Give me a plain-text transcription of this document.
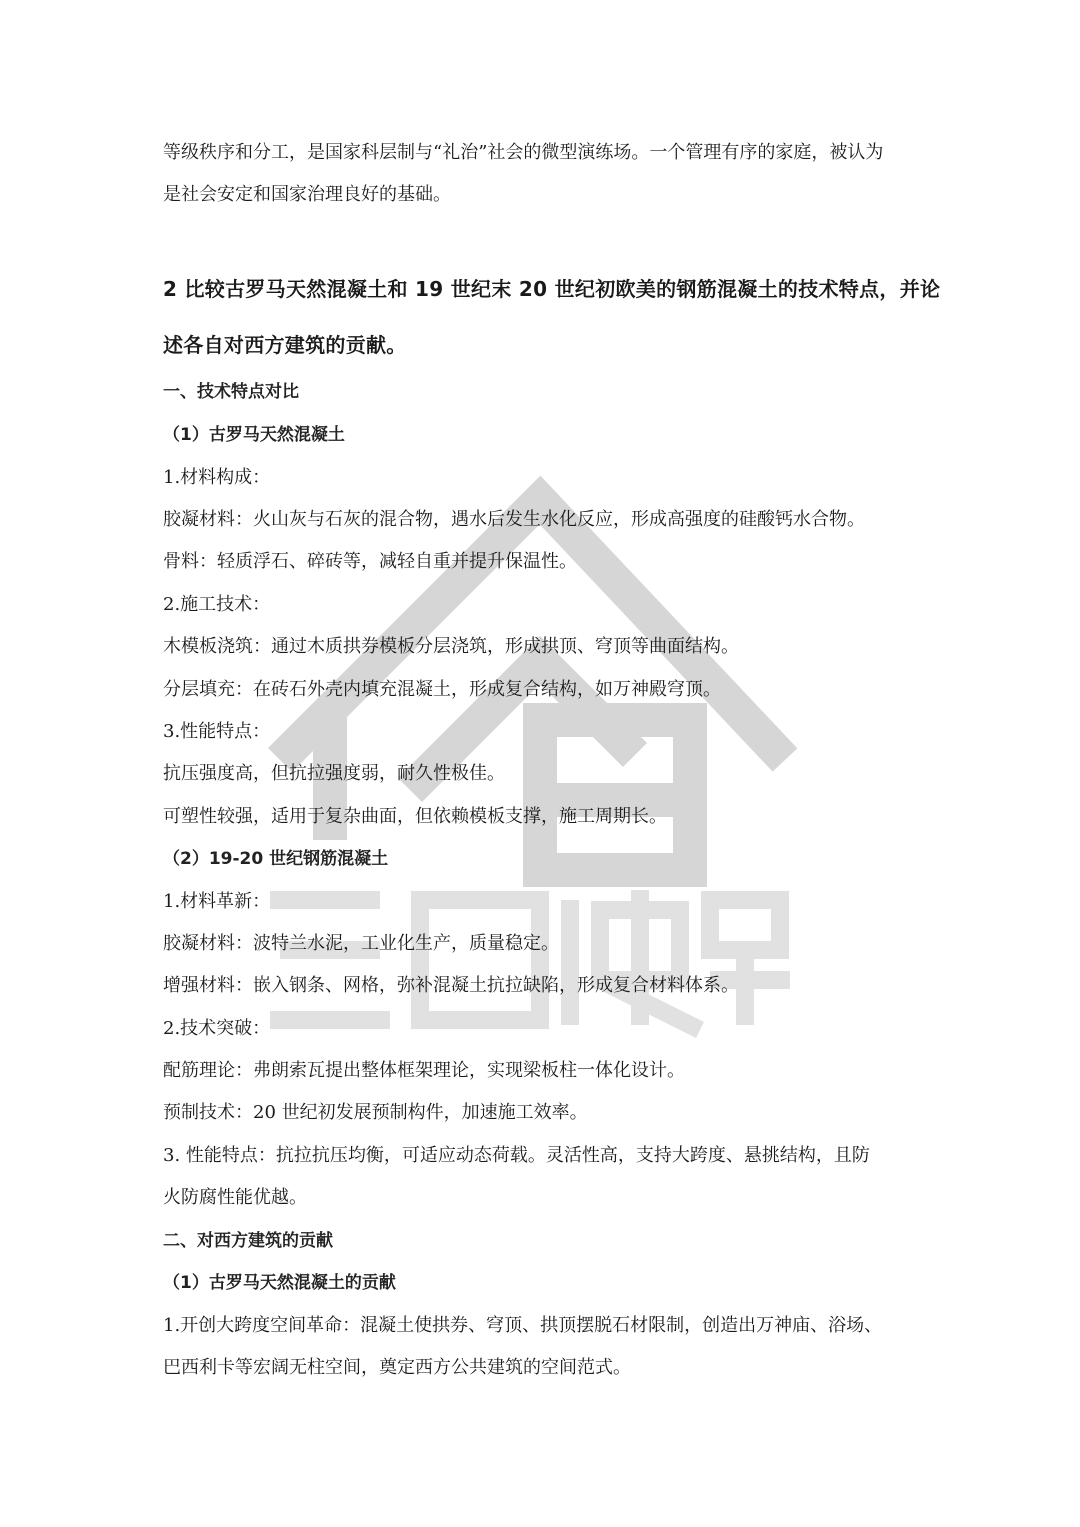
等级秩序和分工，是国家科层制与“礼治”社会的微型演练场。一个管理有序的家庭，被认为
是社会安定和国家治理良好的基础。
2 比较古罗马天然混凝土和 19 世纪末 20 世纪初欧美的钢筋混凝土的技术特点，并论
述各自对西方建筑的贡献。
一、技术特点对比
（1）古罗马天然混凝土
1.材料构成：
胶凝材料：火山灰与石灰的混合物，遇水后发生水化反应，形成高强度的硅酸钙水合物。
骨料：轻质浮石、碎砖等，减轻自重并提升保温性。
2.施工技术：
木模板浇筑：通过木质拱券模板分层浇筑，形成拱顶、穹顶等曲面结构。
分层填充：在砖石外壳内填充混凝土，形成复合结构，如万神殿穹顶。
3.性能特点：
抗压强度高，但抗拉强度弱，耐久性极佳。
可塑性较强，适用于复杂曲面，但依赖模板支撑，施工周期长。
（2）19-20 世纪钢筋混凝土
1.材料革新：
胶凝材料：波特兰水泥，工业化生产，质量稳定。
增强材料：嵌入钢条、网格，弥补混凝土抗拉缺陷，形成复合材料体系。
2.技术突破：
配筋理论：弗朗索瓦提出整体框架理论，实现梁板柱一体化设计。
预制技术：20 世纪初发展预制构件，加速施工效率。
3. 性能特点：抗拉抗压均衡，可适应动态荷载。灵活性高，支持大跨度、悬挑结构，且防
火防腐性能优越。
二、对西方建筑的贡献
（1）古罗马天然混凝土的贡献
1.开创大跨度空间革命：混凝土使拱券、穹顶、拱顶摆脱石材限制，创造出万神庙、浴场、
巴西利卡等宏阔无柱空间，奠定西方公共建筑的空间范式。
